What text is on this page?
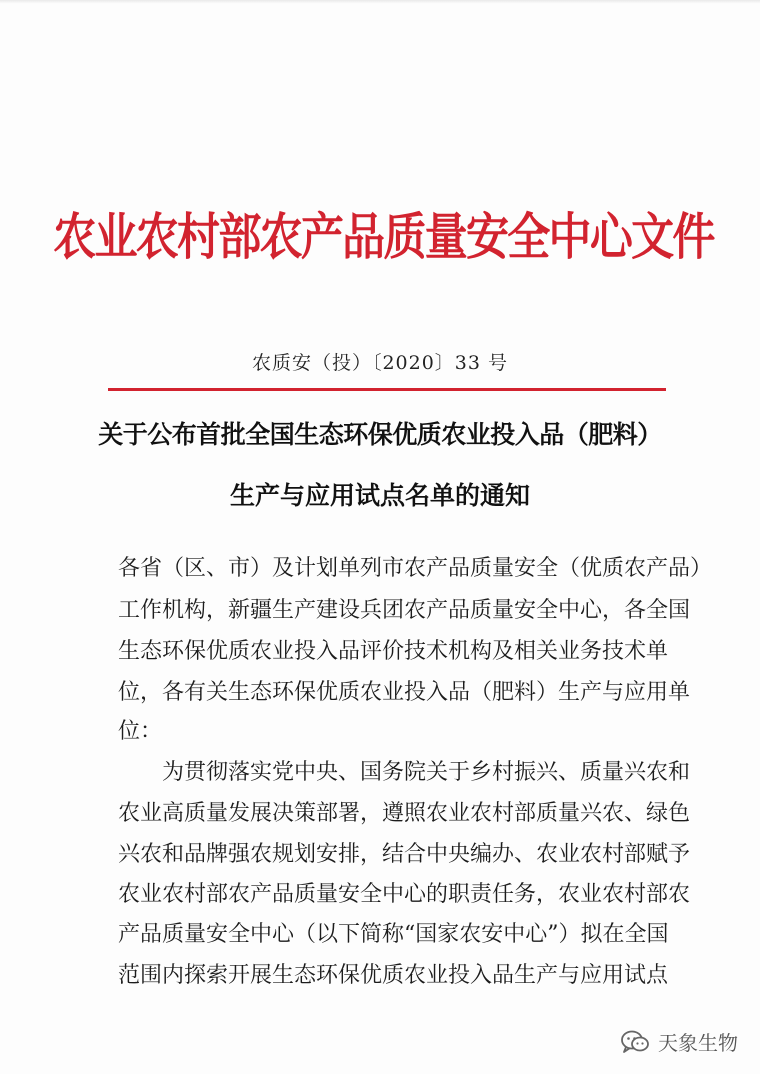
农业农村部农产品质量安全中心文件
农质安（投）〔2020〕33 号
关于公布首批全国生态环保优质农业投入品（肥料）
生产与应用试点名单的通知
各省（区、市）及计划单列市农产品质量安全（优质农产品）
工作机构，新疆生产建设兵团农产品质量安全中心，各全国
生态环保优质农业投入品评价技术机构及相关业务技术单
位，各有关生态环保优质农业投入品（肥料）生产与应用单
位：
为贯彻落实党中央、国务院关于乡村振兴、质量兴农和
农业高质量发展决策部署，遵照农业农村部质量兴农、绿色
兴农和品牌强农规划安排，结合中央编办、农业农村部赋予
农业农村部农产品质量安全中心的职责任务，农业农村部农
产品质量安全中心（以下简称“国家农安中心”）拟在全国
范围内探索开展生态环保优质农业投入品生产与应用试点
天象生物
